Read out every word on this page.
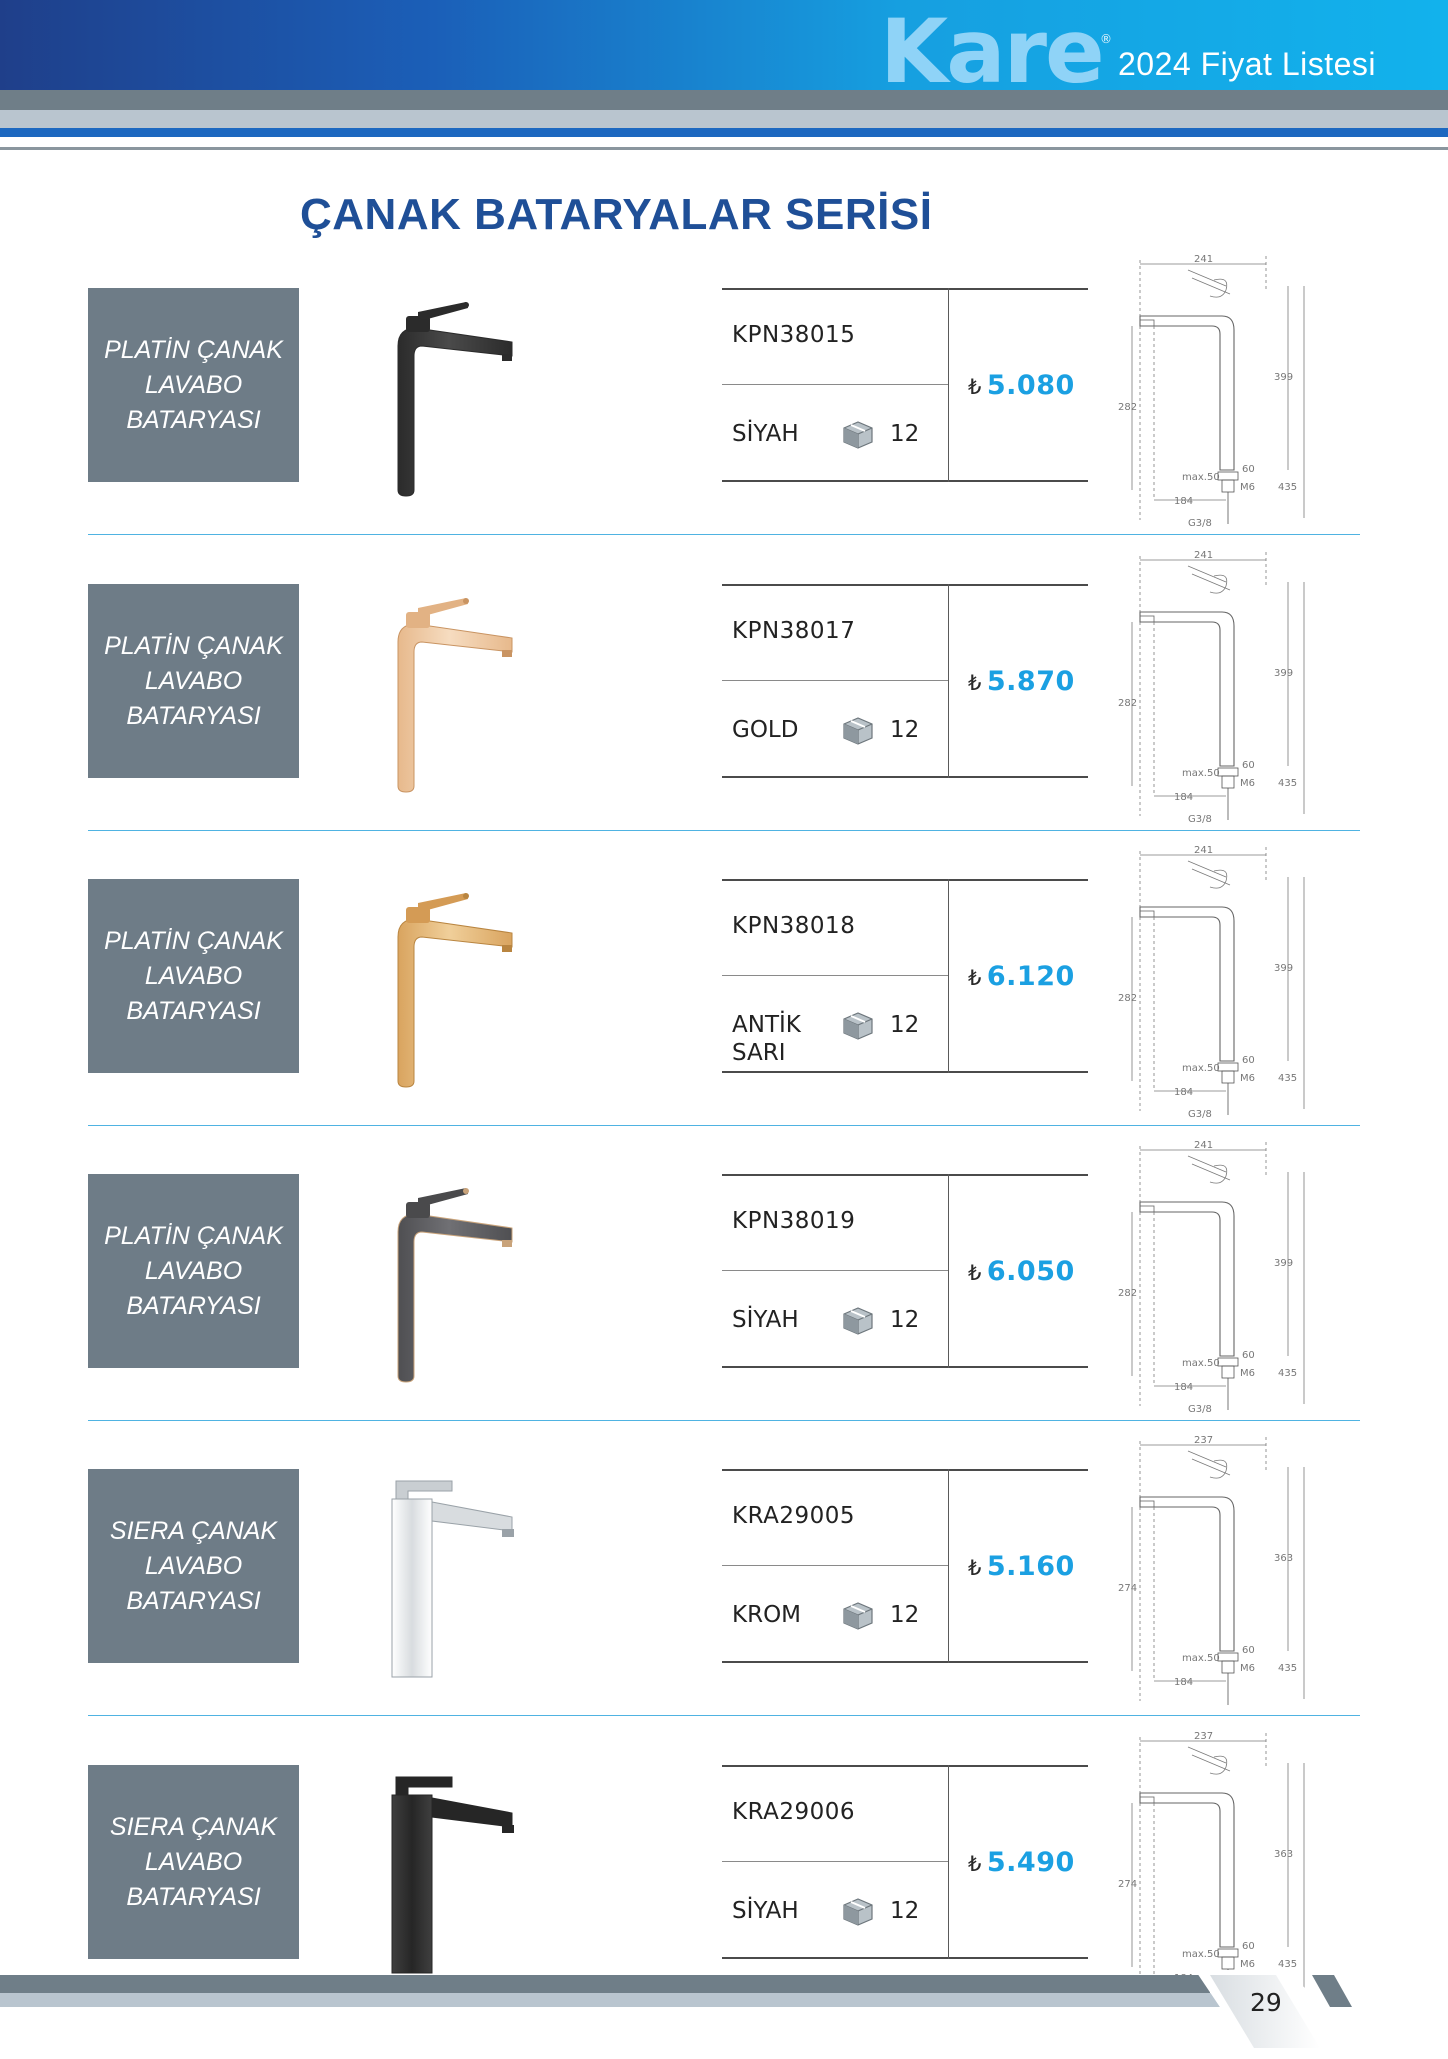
Kare
®
2024 Fiyat Listesi
ÇANAK BATARYALAR SERİSİ
PLATİN ÇANAK
LAVABO
BATARYASI
KPN38015
SİYAH	12
₺ 5.080
241
282
399
435
60
max.50
M6
184
G3/8
PLATİN ÇANAK
LAVABO
BATARYASI
KPN38017
GOLD	12
₺ 5.870
241
282
399
435
60
max.50
M6
184
G3/8
PLATİN ÇANAK
LAVABO
BATARYASI
KPN38018
ANTİK SARI
12
₺ 6.120
241
282
399
435
60
max.50
M6
184
G3/8
PLATİN ÇANAK
LAVABO
BATARYASI
KPN38019
SİYAH	12
₺ 6.050
241
282
399
435
60
max.50
M6
184
G3/8
SIERA ÇANAK
LAVABO
BATARYASI
KRA29005
KROM	12
₺ 5.160
237
274
363
435
60
max.50
M6
184
SIERA ÇANAK
LAVABO
BATARYASI
KRA29006
SİYAH	12
₺ 5.490
237
274
363
435
60
max.50
M6
29
